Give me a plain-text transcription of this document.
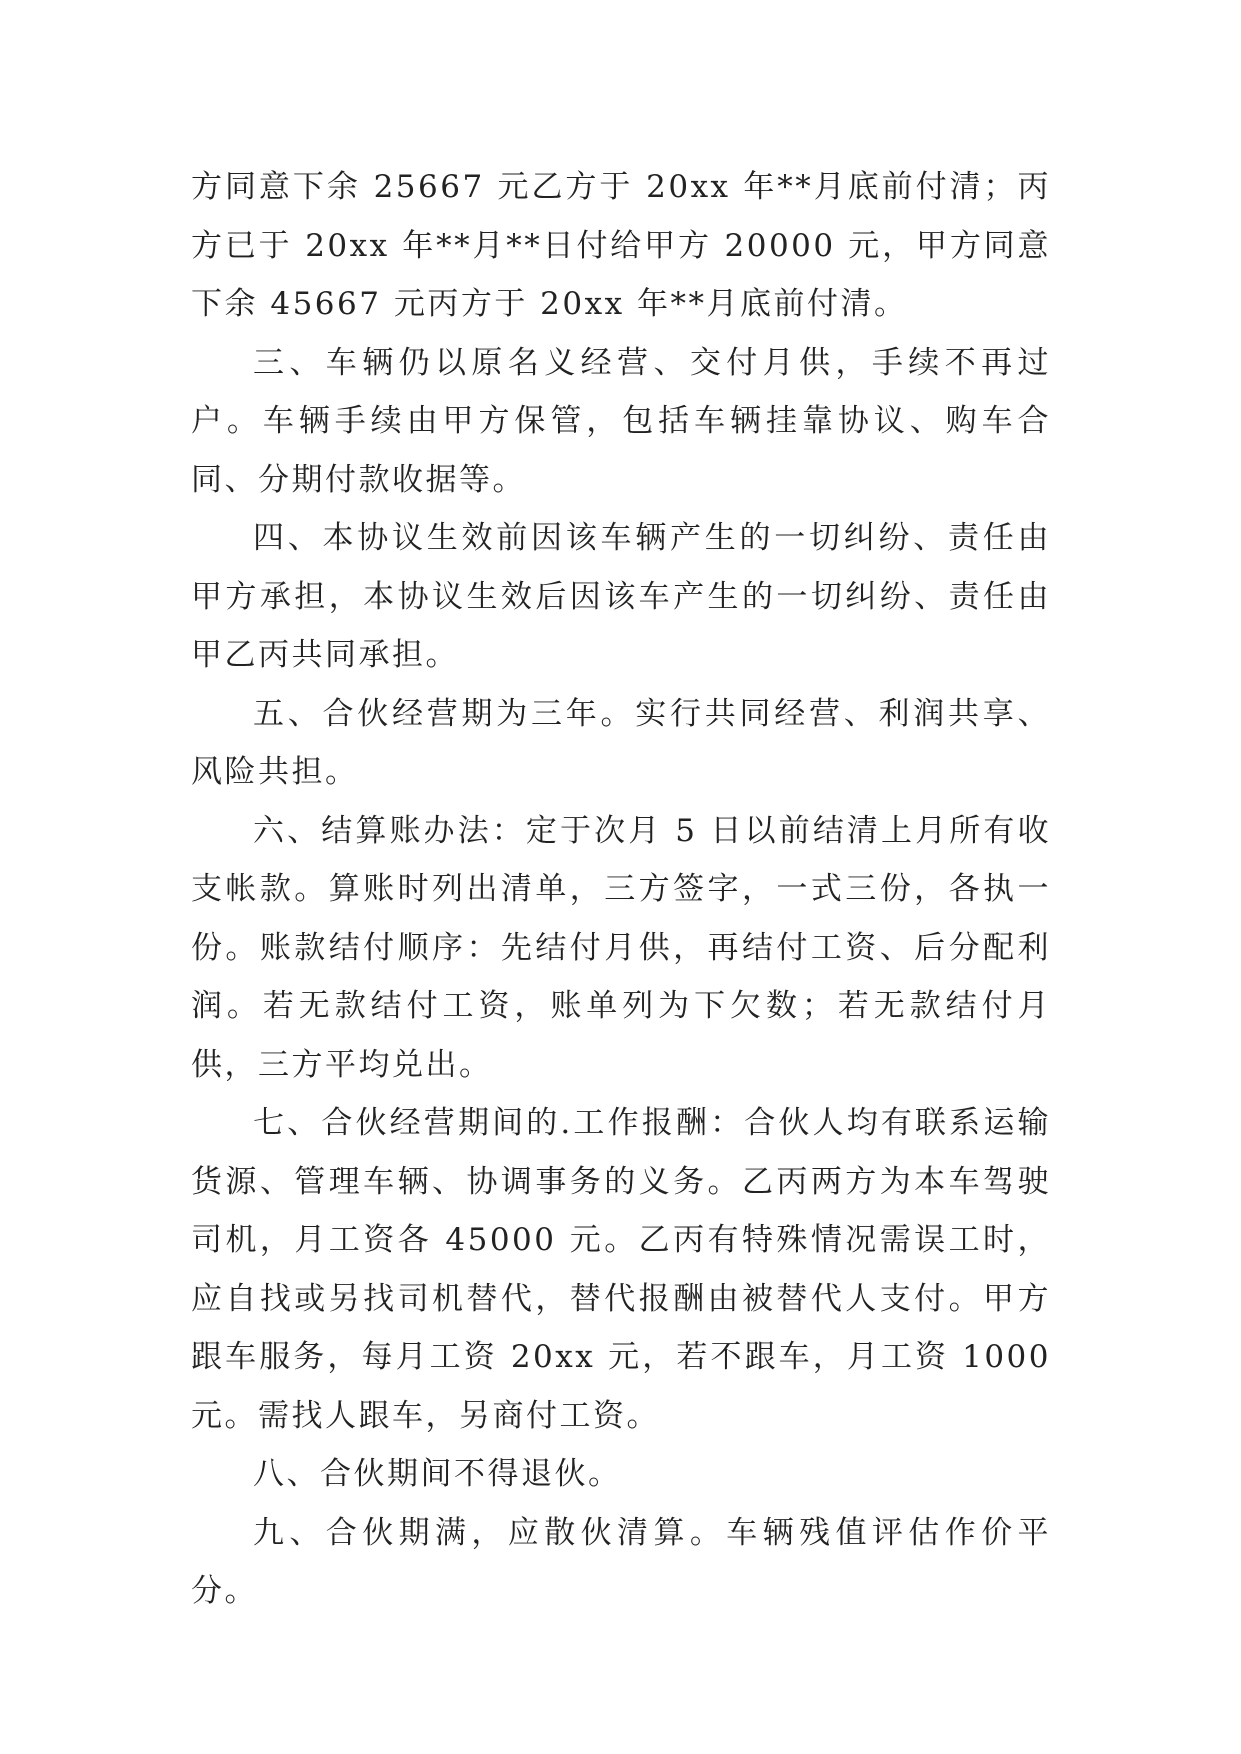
方同意下余 25667 元乙方于 20xx 年**月底前付清；丙方已于 20xx 年**月**日付给甲方 20000 元，甲方同意下余 45667 元丙方于 20xx 年**月底前付清。

三、车辆仍以原名义经营、交付月供，手续不再过户。车辆手续由甲方保管，包括车辆挂靠协议、购车合同、分期付款收据等。

四、本协议生效前因该车辆产生的一切纠纷、责任由甲方承担，本协议生效后因该车产生的一切纠纷、责任由甲乙丙共同承担。

五、合伙经营期为三年。实行共同经营、利润共享、风险共担。

六、结算账办法：定于次月 5 日以前结清上月所有收支帐款。算账时列出清单，三方签字，一式三份，各执一份。账款结付顺序：先结付月供，再结付工资、后分配利润。若无款结付工资，账单列为下欠数；若无款结付月供，三方平均兑出。

七、合伙经营期间的.工作报酬：合伙人均有联系运输货源、管理车辆、协调事务的义务。乙丙两方为本车驾驶司机，月工资各 45000 元。乙丙有特殊情况需误工时，应自找或另找司机替代，替代报酬由被替代人支付。甲方跟车服务，每月工资 20xx 元，若不跟车，月工资 1000 元。需找人跟车，另商付工资。

八、合伙期间不得退伙。

九、合伙期满，应散伙清算。车辆残值评估作价平分。
